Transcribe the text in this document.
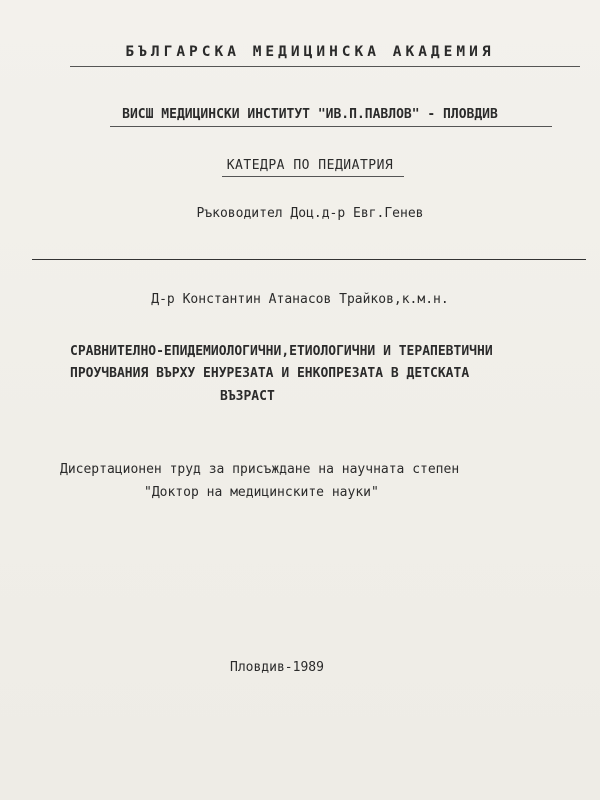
БЪЛГАРСКА МЕДИЦИНСКА АКАДЕМИЯ
ВИСШ МЕДИЦИНСКИ ИНСТИТУТ "ИВ.П.ПАВЛОВ" - ПЛОВДИВ
КАТЕДРА ПО ПЕДИАТРИЯ
Ръководител Доц.д-р Евг.Генев
Д-р Константин Атанасов Трайков,к.м.н.
СРАВНИТЕЛНО-ЕПИДЕМИОЛОГИЧНИ,ЕТИОЛОГИЧНИ И ТЕРАПЕВТИЧНИ
ПРОУЧВАНИЯ ВЪРХУ ЕНУРЕЗАТА И ЕНКОПРЕЗАТА В ДЕТСКАТА
ВЪЗРАСТ
Дисертационен труд за присъждане на научната степен
"Доктор на медицинските науки"
Пловдив-1989
